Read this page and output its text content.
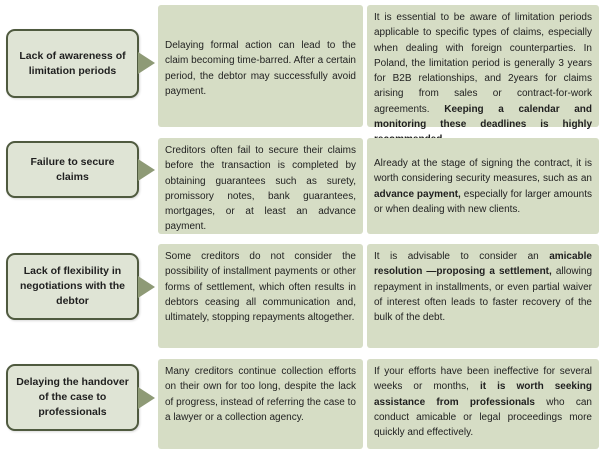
Lack of awareness of limitation periods
Delaying formal action can lead to the claim becoming time-barred. After a certain period, the debtor may successfully avoid payment.
It is essential to be aware of limitation periods applicable to specific types of claims, especially when dealing with foreign counterparties. In Poland, the limitation period is generally 3 years for B2B relationships, and 2years for claims arising from sales or contract-for-work agreements. Keeping a calendar and monitoring these deadlines is highly
Failure to secure claims
Creditors often fail to secure their claims before the transaction is completed by obtaining guarantees such as surety, promissory notes, bank guarantees, mortgages, or at least an advance payment.
Already at the stage of signing the contract, it is worth considering security measures, such as an advance payment, especially for larger amounts or when dealing with new clients.
Lack of flexibility in negotiations with the debtor
Some creditors do not consider the possibility of installment payments or other forms of settlement, which often results in debtors ceasing all communication and, ultimately, stopping repayments altogether.
It is advisable to consider an amicable resolution —proposing a settlement, allowing repayment in installments, or even partial waiver of interest often leads to faster recovery of the bulk of the debt.
Delaying the handover of the case to professionals
Many creditors continue collection efforts on their own for too long, despite the lack of progress, instead of referring the case to a lawyer or a collection agency.
If your efforts have been ineffective for several weeks or months, it is worth seeking assistance from professionals who can conduct amicable or legal proceedings more quickly and effectively.
